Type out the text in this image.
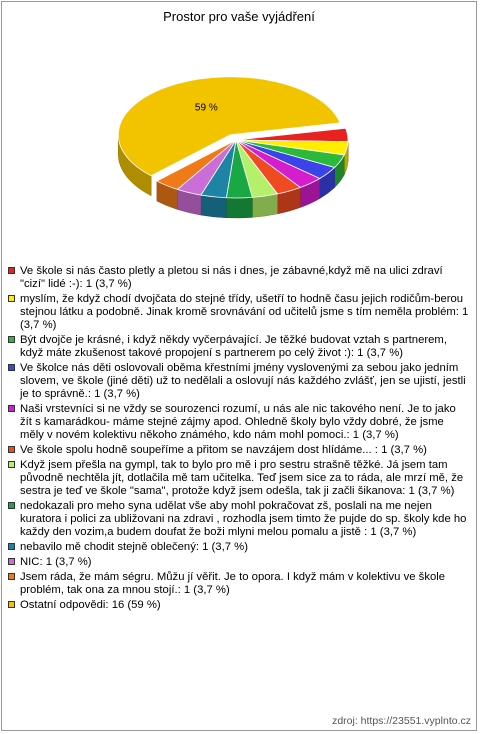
Prostor pro vaše vyjádření
59 %
Ve škole si nás často pletly a pletou si nás i dnes, je zábavné,když mě na ulici zdraví "cizí" lidé :-): 1 (3,7 %)
myslím, že když chodí dvojčata do stejné třídy, ušetří to hodně času jejich rodičům-berou stejnou látku a podobně. Jinak kromě srovnávání od učitelů jsme s tím neměla problém: 1 (3,7 %)
Být dvojče je krásné, i když někdy vyčerpávající. Je těžké budovat vztah s partnerem, když máte zkušenost takové propojení s partnerem po celý život :): 1 (3,7 %)
Ve školce nás děti oslovovali oběma křestními jmény vyslovenými za sebou jako jedním slovem, ve škole (jiné děti) už to nedělali a oslovují nás každého zvlášť, jen se ujistí, jestli je to správně.: 1 (3,7 %)
Naši vrstevníci si ne vždy se sourozenci rozumí, u nás ale nic takového není. Je to jako žít s kamarádkou- máme stejné zájmy apod. Ohledně školy bylo vždy dobré, že jsme měly v novém kolektivu někoho známého, kdo nám mohl pomoci.: 1 (3,7 %)
Ve škole spolu hodně soupeříme a přitom se navzájem dost hlídáme... : 1 (3,7 %)
Když jsem přešla na gympl, tak to bylo pro mě i pro sestru strašně těžké. Já jsem tam původně nechtěla jít, dotlačila mě tam učitelka. Teď jsem sice za to ráda, ale mrzí mě, že sestra je teď ve škole "sama", protože když jsem odešla, tak ji začli šikanova: 1 (3,7 %)
nedokazali pro meho syna udělat vše aby mohl pokračovat zš, poslali na me nejen kuratora i polici za ubližovani na zdravi , rozhodla jsem timto že pujde do sp. školy kde ho každy den vozim,a budem doufat že boži mlyni melou pomalu a jistě : 1 (3,7 %)
nebavilo mě chodit stejně oblečený: 1 (3,7 %)
NIC: 1 (3,7 %)
Jsem ráda, že mám ségru. Můžu jí věřit. Je to opora. I když mám v kolektivu ve škole problém, tak ona za mnou stojí.: 1 (3,7 %)
Ostatní odpovědi: 16 (59 %)
zdroj: https://23551.vyplnto.cz
